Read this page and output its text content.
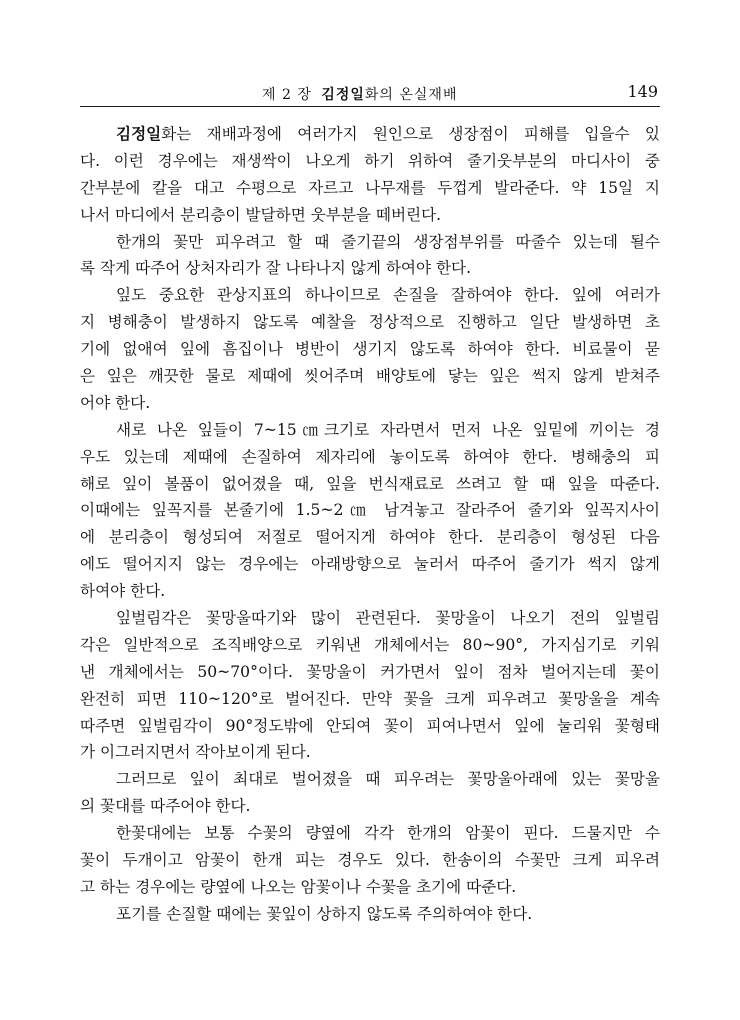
제 2 장 김정일화의 온실재배	149

김정일화는 재배과정에 여러가지 원인으로 생장점이 피해를 입을수 있

다. 이런 경우에는 재생싹이 나오게 하기 위하여 줄기웃부분의 마디사이 중

간부분에 칼을 대고 수평으로 자르고 나무재를 두껍게 발라준다. 약 15일 지

나서 마디에서 분리층이 발달하면 웃부분을 떼버린다.

한개의 꽃만 피우려고 할 때 줄기끝의 생장점부위를 따줄수 있는데 될수

록 작게 따주어 상처자리가 잘 나타나지 않게 하여야 한다.

잎도 중요한 관상지표의 하나이므로 손질을 잘하여야 한다. 잎에 여러가

지 병해충이 발생하지 않도록 예찰을 정상적으로 진행하고 일단 발생하면 초

기에 없애여 잎에 흠집이나 병반이 생기지 않도록 하여야 한다. 비료물이 묻

은 잎은 깨끗한 물로 제때에 씻어주며 배양토에 닿는 잎은 썩지 않게 받쳐주

어야 한다.

새로 나온 잎들이 7~15㎝크기로 자라면서 먼저 나온 잎밑에 끼이는 경

우도 있는데 제때에 손질하여 제자리에 놓이도록 하여야 한다. 병해충의 피

해로 잎이 볼품이 없어졌을 때, 잎을 번식재료로 쓰려고 할 때 잎을 따준다.

이때에는 잎꼭지를 본줄기에 1.5~2㎝ 남겨놓고 잘라주어 줄기와 잎꼭지사이

에 분리층이 형성되여 저절로 떨어지게 하여야 한다. 분리층이 형성된 다음

에도 떨어지지 않는 경우에는 아래방향으로 눌러서 따주어 줄기가 썩지 않게

하여야 한다.

잎벌림각은 꽃망울따기와 많이 관련된다. 꽃망울이 나오기 전의 잎벌림

각은 일반적으로 조직배양으로 키워낸 개체에서는 80~90°, 가지심기로 키워

낸 개체에서는 50~70°이다. 꽃망울이 커가면서 잎이 점차 벌어지는데 꽃이

완전히 피면 110~120°로 벌어진다. 만약 꽃을 크게 피우려고 꽃망울을 계속

따주면 잎벌림각이 90°정도밖에 안되여 꽃이 피여나면서 잎에 눌리워 꽃형태

가 이그러지면서 작아보이게 된다.

그러므로 잎이 최대로 벌어졌을 때 피우려는 꽃망울아래에 있는 꽃망울

의 꽃대를 따주어야 한다.

한꽃대에는 보통 수꽃의 량옆에 각각 한개의 암꽃이 핀다. 드물지만 수

꽃이 두개이고 암꽃이 한개 피는 경우도 있다. 한송이의 수꽃만 크게 피우려

고 하는 경우에는 량옆에 나오는 암꽃이나 수꽃을 초기에 따준다.

포기를 손질할 때에는 꽃잎이 상하지 않도록 주의하여야 한다.
